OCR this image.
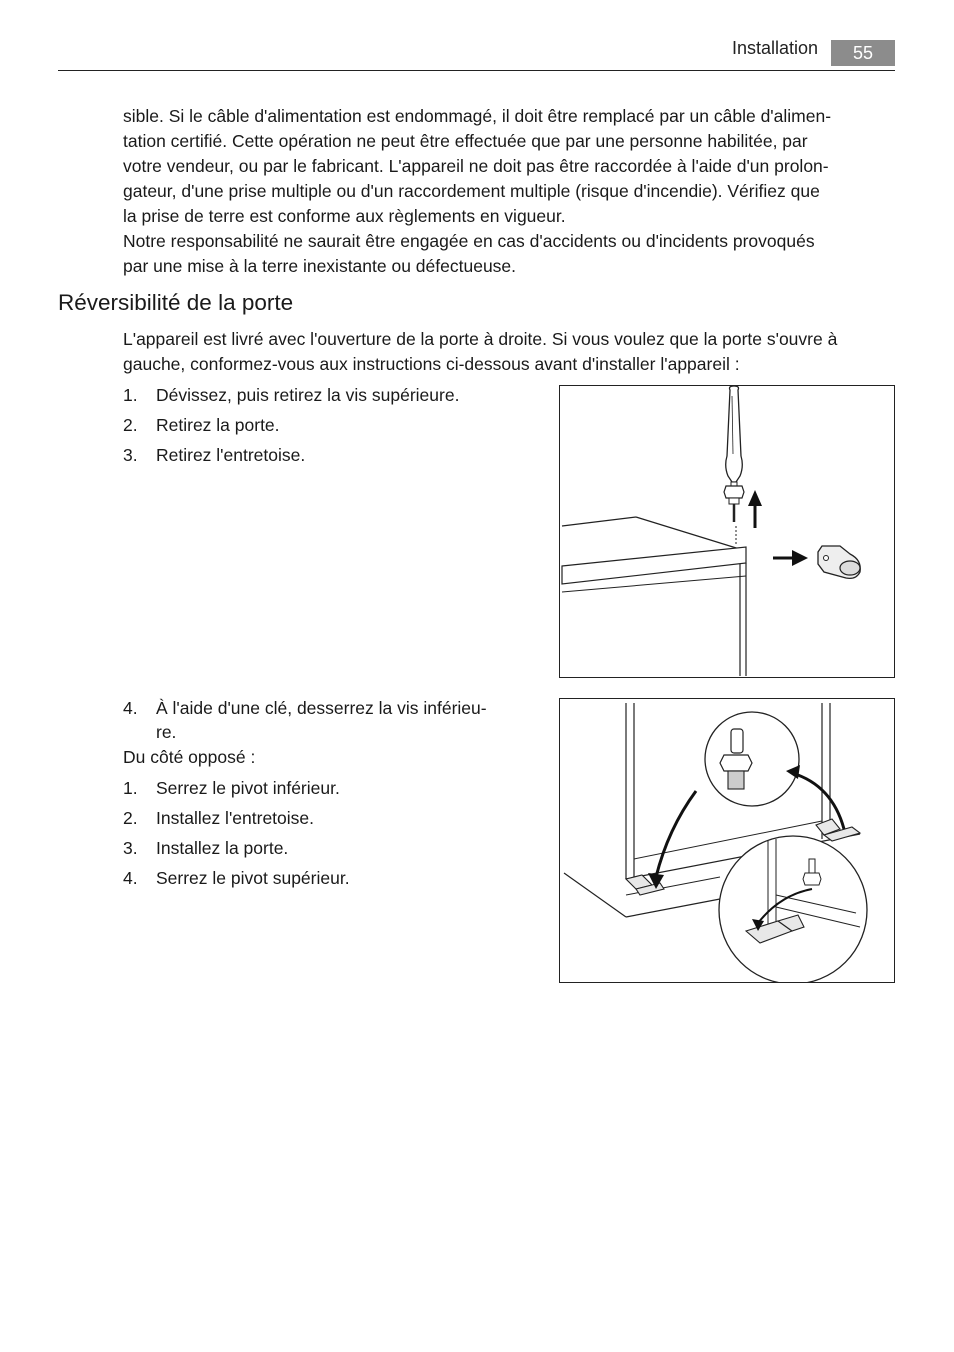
Installation	55
sible. Si le câble d'alimentation est endommagé, il doit être remplacé par un câble d'alimen-
tation certifié. Cette opération ne peut être effectuée que par une personne habilitée, par
votre vendeur, ou par le fabricant. L'appareil ne doit pas être raccordée à l'aide d'un prolon-
gateur, d'une prise multiple ou d'un raccordement multiple (risque d'incendie). Vérifiez que
la prise de terre est conforme aux règlements en vigueur.
Notre responsabilité ne saurait être engagée en cas d'accidents ou d'incidents provoqués
par une mise à la terre inexistante ou défectueuse.
Réversibilité de la porte
L'appareil est livré avec l'ouverture de la porte à droite. Si vous voulez que la porte s'ouvre à
gauche, conformez-vous aux instructions ci-dessous avant d'installer l'appareil :
1.	Dévissez, puis retirez la vis supérieure.
2.	Retirez la porte.
3.	Retirez l'entretoise.
4.	À l'aide d'une clé, desserrez la vis inférieu-
re.
Du côté opposé :
1.	Serrez le pivot inférieur.
2.	Installez l'entretoise.
3.	Installez la porte.
4.	Serrez le pivot supérieur.
